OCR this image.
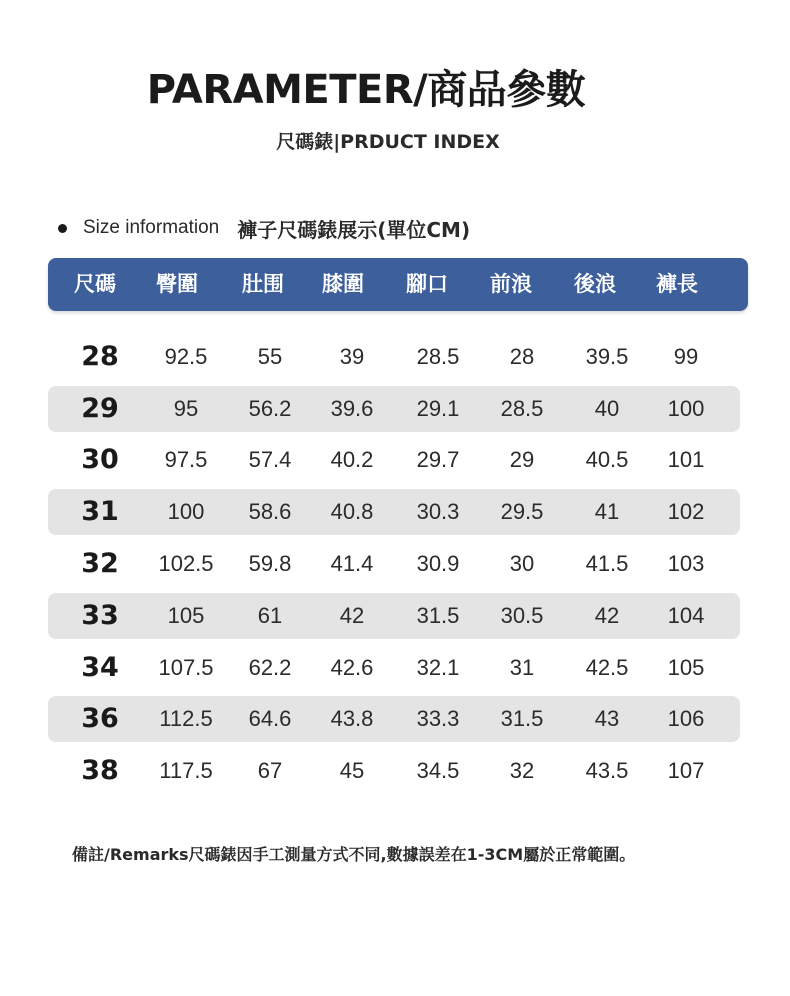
PARAMETER/商品參數
尺碼錶|PRDUCT INDEX
Size information 褲子尺碼錶展示(單位CM)
尺碼 臀圍 肚围 膝圍 腳口 前浪 後浪 褲長
28	92.5	55	39	28.5	28	39.5	99
29	95	56.2	39.6	29.1	28.5	40	100
30	97.5	57.4	40.2	29.7	29	40.5	101
31	100	58.6	40.8	30.3	29.5	41	102
32	102.5	59.8	41.4	30.9	30	41.5	103
33	105	61	42	31.5	30.5	42	104
34	107.5	62.2	42.6	32.1	31	42.5	105
36	112.5	64.6	43.8	33.3	31.5	43	106
38	117.5	67	45	34.5	32	43.5	107
備註/Remarks尺碼錶因手工測量方式不同,數據誤差在1-3CM屬於正常範圍。
